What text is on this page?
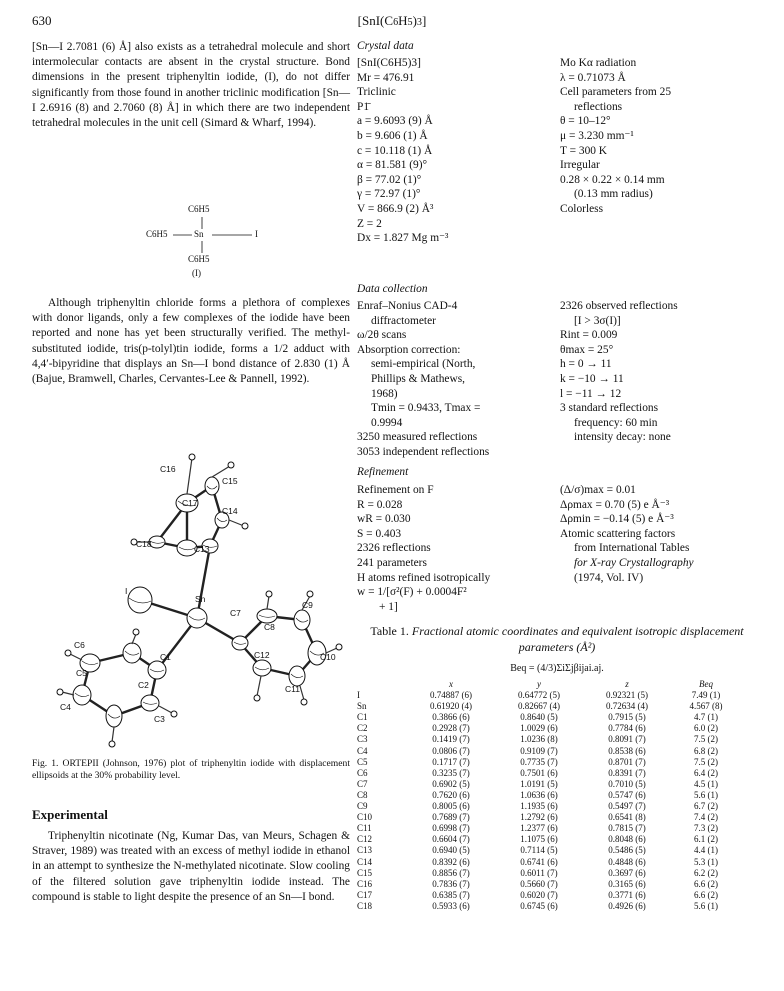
630	[SnI(C6H5)3]
[Sn—I 2.7081 (6) Å] also exists as a tetrahedral molecule and short intermolecular contacts are absent in the crystal structure. Bond dimensions in the present triphenyltin iodide, (I), do not differ significantly from those found in another triclinic modification [Sn—I 2.6916 (8) and 2.7060 (8) Å] in which there are two independent tetrahedral molecules in the unit cell (Simard & Wharf, 1994).
C6H5
C6H5	Sn	I
C6H5
(I)
Although triphenyltin chloride forms a plethora of complexes with donor ligands, only a few complexes of the iodide have been reported and none has yet been structurally verified. The methyl-substituted iodide, tris(p-tolyl)tin iodide, forms a 1/2 adduct with 4,4′-bipyridine that displays an Sn—I bond distance of 2.830 (1) Å (Bajue, Bramwell, Charles, Cervantes-Lee & Pannell, 1992).
C16
C15
C17
C14
C18	C13
I
Sn
C7
C9
C8
C6
C1	C12	C10
C5
C2	C11
C4
C3
Fig. 1. ORTEPII (Johnson, 1976) plot of triphenyltin iodide with displacement ellipsoids at the 30% probability level.
Experimental
Triphenyltin nicotinate (Ng, Kumar Das, van Meurs, Schagen & Straver, 1989) was treated with an excess of methyl iodide in ethanol in an attempt to synthesize the N-methylated nicotinate. Slow cooling of the filtered solution gave triphenyltin iodide instead. The compound is stable to light despite the presence of an Sn—I bond.
Crystal data
[SnI(C6H5)3]
Mr = 476.91
Triclinic
P1̄
a = 9.6093 (9) Å
b = 9.606 (1) Å
c = 10.118 (1) Å
α = 81.581 (9)°
β = 77.02 (1)°
γ = 72.97 (1)°
V = 866.9 (2) Å³
Z = 2
Dx = 1.827 Mg m⁻³
Mo Kα radiation
λ = 0.71073 Å
Cell parameters from 25
reflections
θ = 10–12°
μ = 3.230 mm⁻¹
T = 300 K
Irregular
0.28 × 0.22 × 0.14 mm
(0.13 mm radius)
Colorless
Data collection
Enraf–Nonius CAD-4
diffractometer
ω/2θ scans
Absorption correction:
semi-empirical (North,
Phillips & Mathews,
1968)
Tmin = 0.9433, Tmax =
0.9994
3250 measured reflections
3053 independent reflections
2326 observed reflections
[I > 3σ(I)]
Rint = 0.009
θmax = 25°
h = 0 → 11
k = −10 → 11
l = −11 → 12
3 standard reflections
frequency: 60 min
intensity decay: none
Refinement
Refinement on F
R = 0.028
wR = 0.030
S = 0.403
2326 reflections
241 parameters
H atoms refined isotropically
w = 1/[σ²(F) + 0.0004F²
+ 1]
(Δ/σ)max = 0.01
Δρmax = 0.70 (5) e Å⁻³
Δρmin = −0.14 (5) e Å⁻³
Atomic scattering factors
from International Tables
for X-ray Crystallography
(1974, Vol. IV)
Table 1. Fractional atomic coordinates and equivalent isotropic displacement parameters (Å²)
Beq = (4/3)ΣiΣjβijai.aj.
	x	y	z	Beq
I	0.74887 (6)	0.64772 (5)	0.92321 (5)	7.49 (1)
Sn	0.61920 (4)	0.82667 (4)	0.72634 (4)	4.567 (8)
C1	0.3866 (6)	0.8640 (5)	0.7915 (5)	4.7 (1)
C2	0.2928 (7)	1.0029 (6)	0.7784 (6)	6.0 (2)
C3	0.1419 (7)	1.0236 (8)	0.8091 (7)	7.5 (2)
C4	0.0806 (7)	0.9109 (7)	0.8538 (6)	6.8 (2)
C5	0.1717 (7)	0.7735 (7)	0.8701 (7)	7.5 (2)
C6	0.3235 (7)	0.7501 (6)	0.8391 (7)	6.4 (2)
C7	0.6902 (5)	1.0191 (5)	0.7010 (5)	4.5 (1)
C8	0.7620 (6)	1.0636 (6)	0.5747 (6)	5.6 (1)
C9	0.8005 (6)	1.1935 (6)	0.5497 (7)	6.7 (2)
C10	0.7689 (7)	1.2792 (6)	0.6541 (8)	7.4 (2)
C11	0.6998 (7)	1.2377 (6)	0.7815 (7)	7.3 (2)
C12	0.6604 (7)	1.1075 (6)	0.8048 (6)	6.1 (2)
C13	0.6940 (5)	0.7114 (5)	0.5486 (5)	4.4 (1)
C14	0.8392 (6)	0.6741 (6)	0.4848 (6)	5.3 (1)
C15	0.8856 (7)	0.6011 (7)	0.3697 (6)	6.2 (2)
C16	0.7836 (7)	0.5660 (7)	0.3165 (6)	6.6 (2)
C17	0.6385 (7)	0.6020 (7)	0.3771 (6)	6.6 (2)
C18	0.5933 (6)	0.6745 (6)	0.4926 (6)	5.6 (1)
